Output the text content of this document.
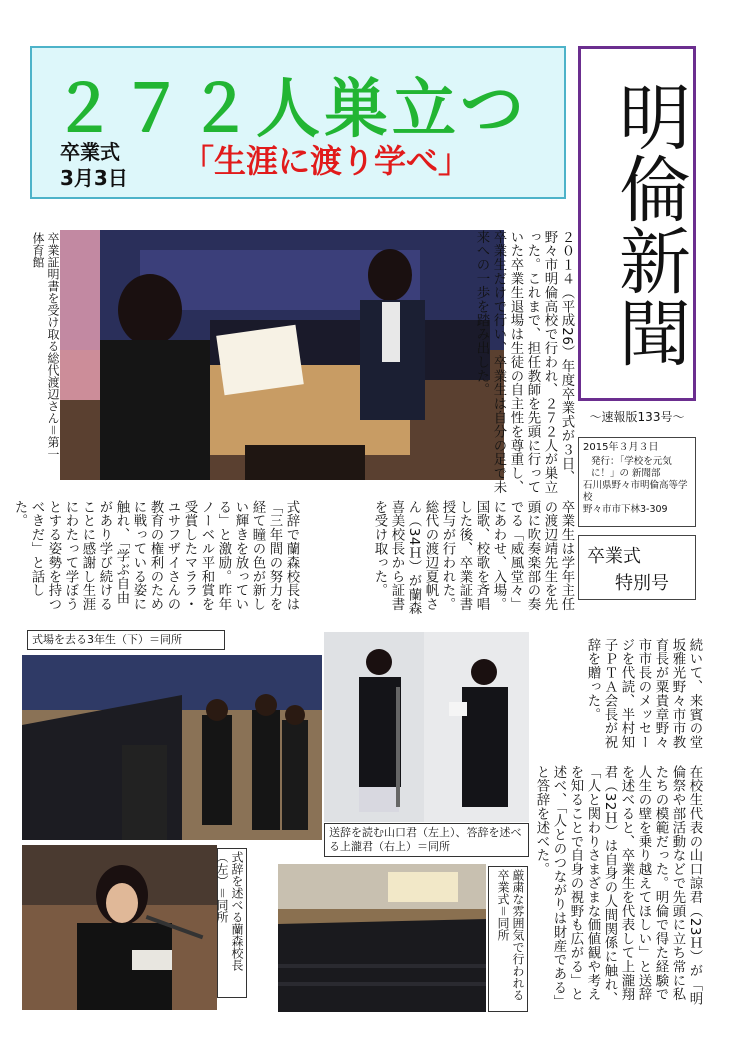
２７２人巣立つ
卒業式
3月3日 「生涯に渡り学べ」	明倫新聞
〜速報版133号〜
2015年３月３日
発行：「学校を元気に！」の 新聞部
石川県野々市明倫高等学校
野々市市下林3-309
卒業式
特別号
卒業証明書を受け取る総代渡辺さん＝第一体育館	２０１４（平成26）年度卒業式が３日、野々市明倫高校で行われ、２７２人が巣立った。これまで、担任教師を先頭に行っていた卒業生退場は生徒の自主性を尊重し、卒業生だけで行い、卒業生は自分の足で未来への一歩を踏み出した。
卒業生は学年主任の渡辺靖先生を先頭に吹奏楽部の奏でる「威風堂々」にあわせ、入場。国歌、校歌を斉唱した後、卒業証書授与が行われた。総代の渡辺夏帆さん（34Ｈ）が蘭森喜美校長から証書を受け取った。
式辞で蘭森校長は「三年間の努力を経て瞳の色が新しい輝きを放っている」と激励。昨年ノーベル平和賞を受賞したマララ・ユサフザイさんの教育の権利のために戦っている姿に触れ、「学ぶ自由があり学び続けることに感謝し生涯にわたって学ぼうとする姿勢を持つべきだ」と話した。
式場を去る3年生（下）＝同所
送辞を読む山口君（左上）、答辞を述べる上瀧君（右上）＝同所
続いて、来賓の堂坂雅光野々市市教育長が粟貴章野々市市長のメッセージを代読、半村知子ＰＴＡ会長が祝辞を贈った。
在校生代表の山口諒君（23Ｈ）が「明倫祭や部活動などで先頭に立ち常に私たちの模範だった。明倫で得た経験で人生の壁を乗り越えてほしい」と送辞を述べると、卒業生を代表して上瀧翔君（32Ｈ）は自身の人間関係に触れ、「人と関わりさまざまな価値観や考えを知ることで自身の視野も広がる」と述べ、「人とのつながりは財産である」と答辞を述べた。
式辞を述べる蘭森校長（左）＝同所	厳粛な雰囲気で行われる卒業式＝同所
